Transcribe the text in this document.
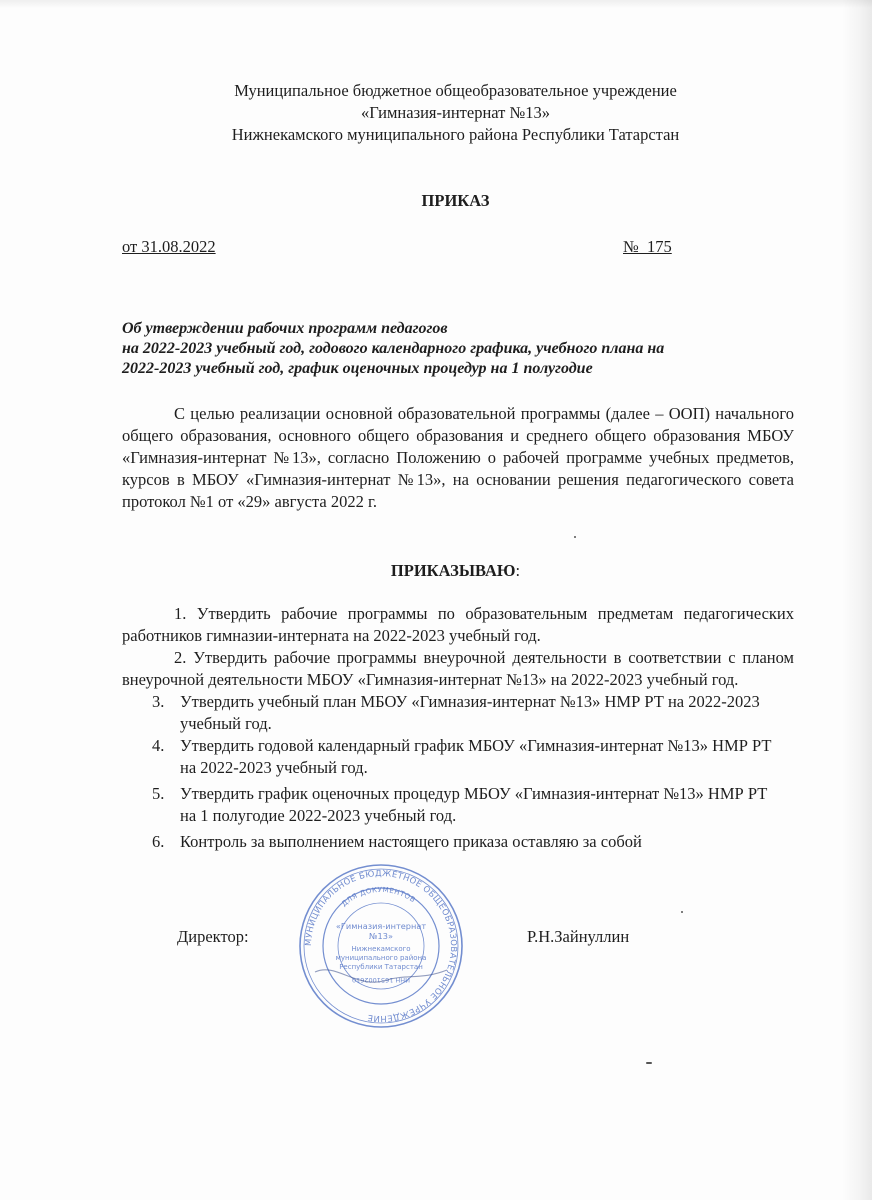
Муниципальное бюджетное общеобразовательное учреждение
«Гимназия-интернат №13»
Нижнекамского муниципального района Республики Татарстан
ПРИКАЗ
от 31.08.2022	№  175
Об утверждении рабочих программ педагогов
на 2022-2023 учебный год, годового календарного графика, учебного плана на
2022-2023 учебный год, график оценочных процедур на 1 полугодие
С целью реализации основной образовательной программы (далее – ООП) начального общего образования, основного общего образования и среднего общего образования МБОУ «Гимназия-интернат №13», согласно Положению о рабочей программе учебных предметов, курсов в МБОУ «Гимназия-интернат №13», на основании решения педагогического совета протокол №1 от «29» августа 2022 г.
ПРИКАЗЫВАЮ:

1. Утвердить рабочие программы по образовательным предметам педагогических работников гимназии-интерната на 2022-2023 учебный год.

2. Утвердить рабочие программы внеурочной деятельности в соответствии с планом внеурочной деятельности МБОУ «Гимназия-интернат №13» на 2022-2023 учебный год.

3. Утвердить учебный план МБОУ «Гимназия-интернат №13» НМР РТ на 2022-2023 учебный год.
4. Утвердить годовой календарный график МБОУ «Гимназия-интернат №13» НМР РТ на 2022-2023 учебный год.
5. Утвердить график оценочных процедур МБОУ «Гимназия-интернат №13» НМР РТ на 1 полугодие 2022-2023 учебный год.
6. Контроль за выполнением настоящего приказа оставляю за собой
Директор:	Р.Н.Зайнуллин
МУНИЦИПАЛЬНОЕ БЮДЖЕТНОЕ ОБЩЕОБРАЗОВАТЕЛЬНОЕ УЧРЕЖДЕНИЕ
ДЛЯ ДОКУМЕНТОВ
«Гимназия-интернат
№13»
Нижнекамского
муниципального района
Республики Татарстан
ИНН 1651002610
